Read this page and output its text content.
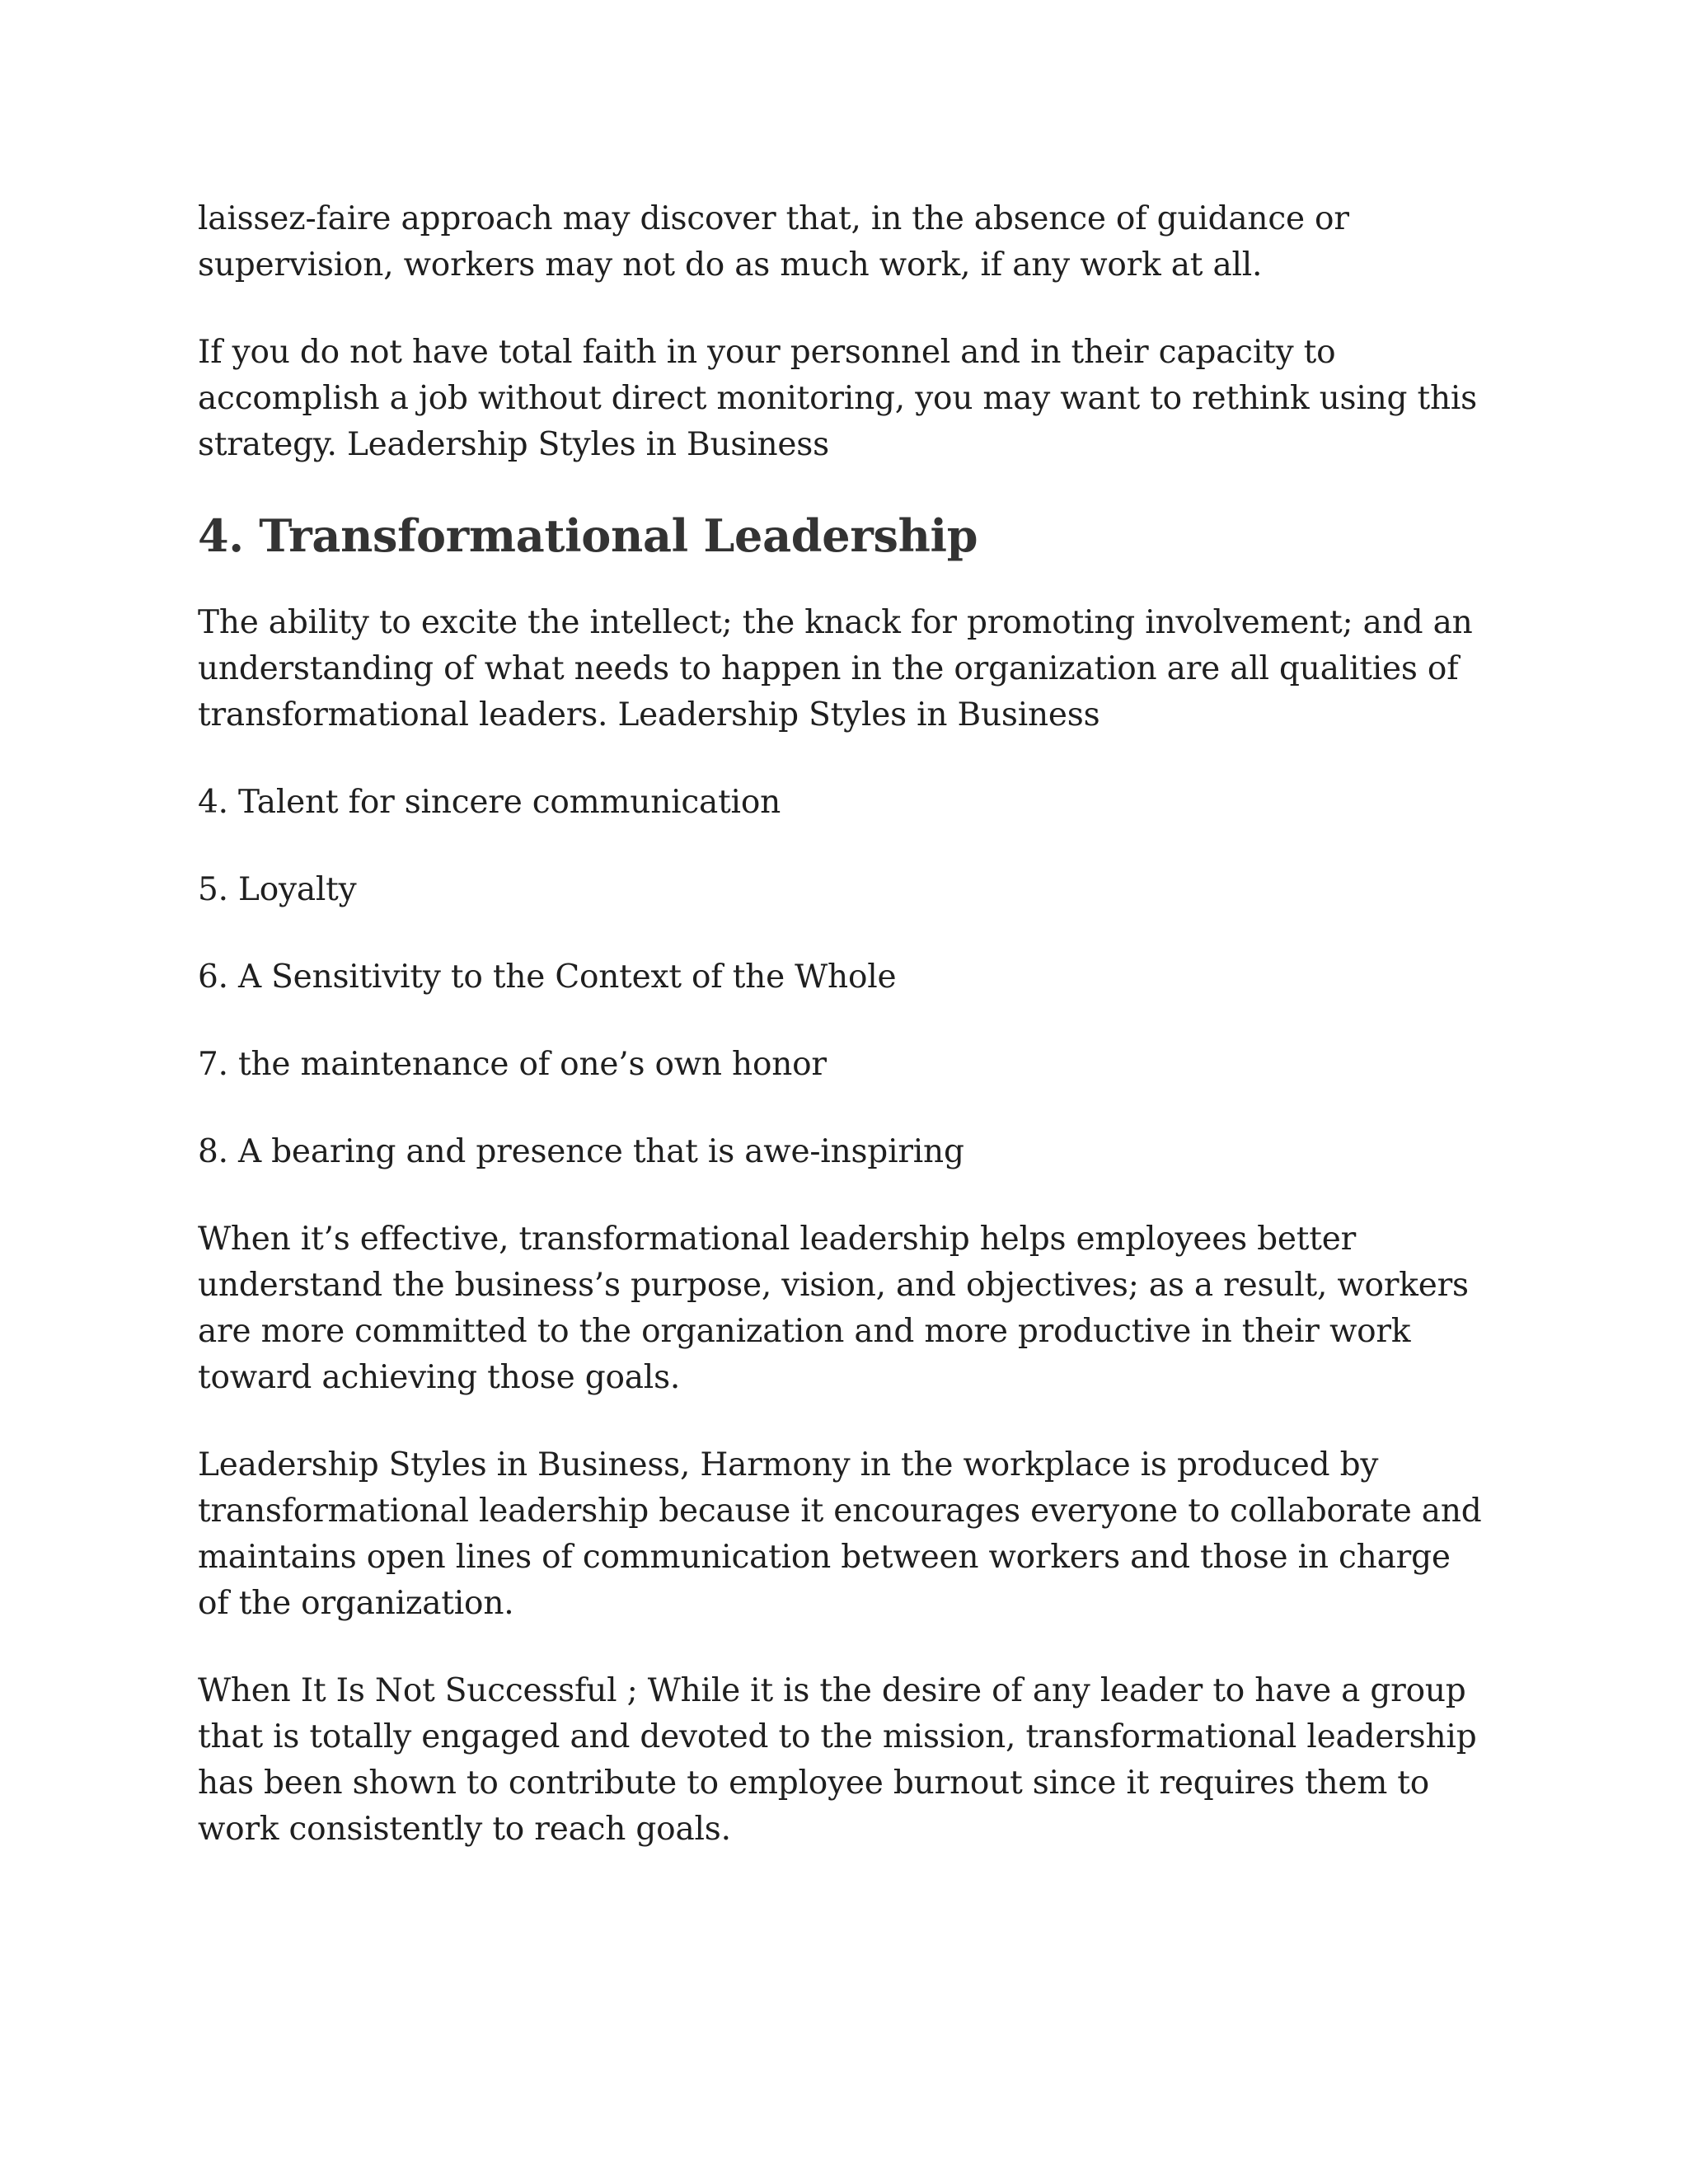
laissez-faire approach may discover that, in the absence of guidance or supervision, workers may not do as much work, if any work at all.

If you do not have total faith in your personnel and in their capacity to accomplish a job without direct monitoring, you may want to rethink using this strategy. Leadership Styles in Business

4. Transformational Leadership

The ability to excite the intellect; the knack for promoting involvement; and an understanding of what needs to happen in the organization are all qualities of transformational leaders. Leadership Styles in Business

4. Talent for sincere communication

5. Loyalty

6. A Sensitivity to the Context of the Whole

7. the maintenance of one’s own honor

8. A bearing and presence that is awe-inspiring

When it’s effective, transformational leadership helps employees better understand the business’s purpose, vision, and objectives; as a result, workers are more committed to the organization and more productive in their work toward achieving those goals.

Leadership Styles in Business, Harmony in the workplace is produced by transformational leadership because it encourages everyone to collaborate and maintains open lines of communication between workers and those in charge of the organization.

When It Is Not Successful ; While it is the desire of any leader to have a group that is totally engaged and devoted to the mission, transformational leadership has been shown to contribute to employee burnout since it requires them to work consistently to reach goals.
